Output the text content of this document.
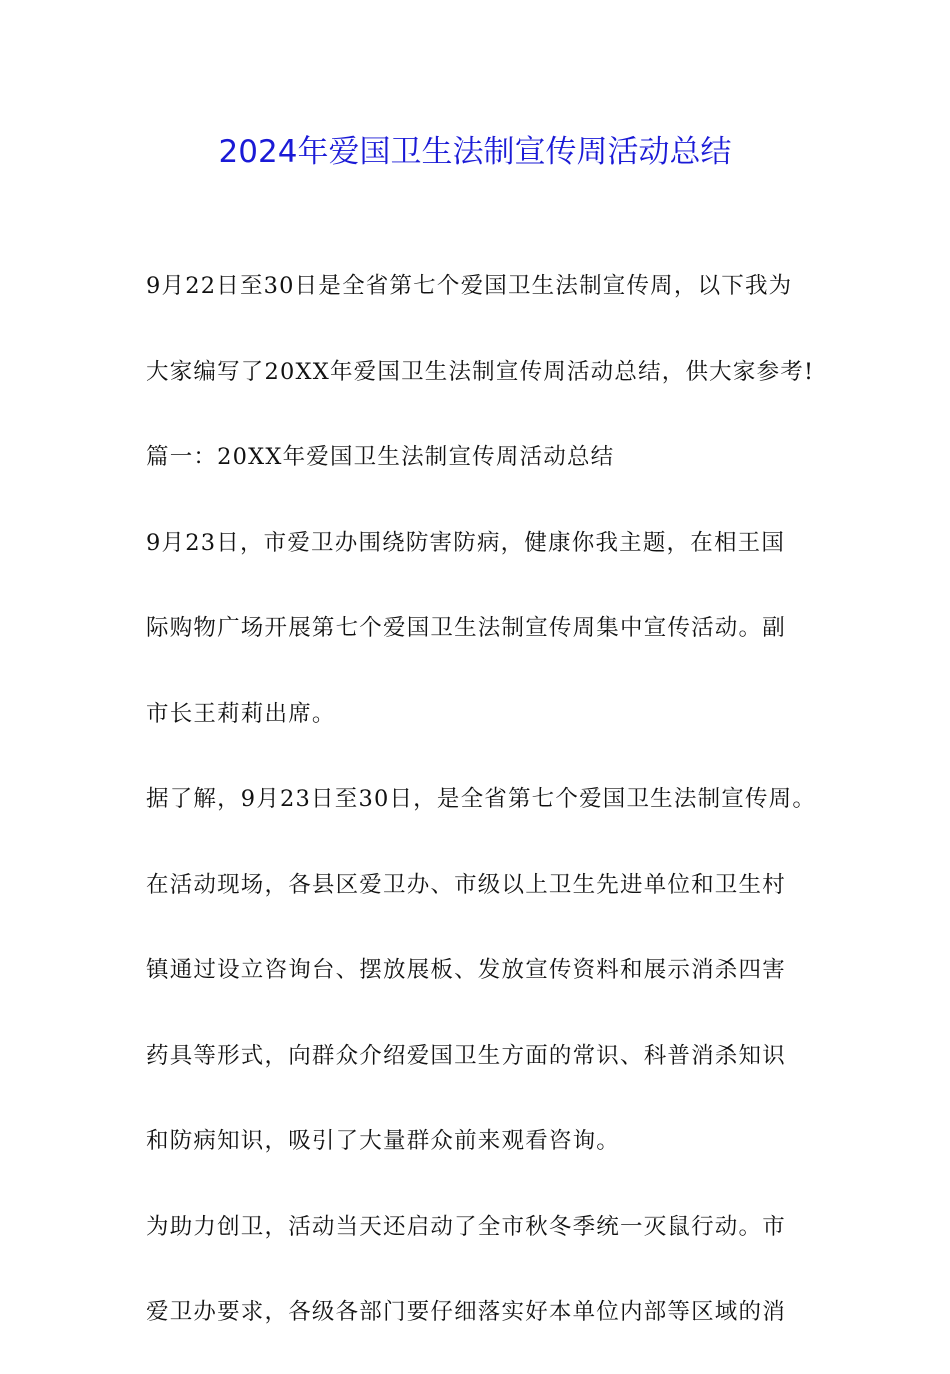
2024年爱国卫生法制宣传周活动总结
9月22日至30日是全省第七个爱国卫生法制宣传周，以下我为
大家编写了20XX年爱国卫生法制宣传周活动总结，供大家参考!
篇一：20XX年爱国卫生法制宣传周活动总结
9月23日，市爱卫办围绕防害防病，健康你我主题，在相王国
际购物广场开展第七个爱国卫生法制宣传周集中宣传活动。副
市长王莉莉出席。
据了解，9月23日至30日，是全省第七个爱国卫生法制宣传周。
在活动现场，各县区爱卫办、市级以上卫生先进单位和卫生村
镇通过设立咨询台、摆放展板、发放宣传资料和展示消杀四害
药具等形式，向群众介绍爱国卫生方面的常识、科普消杀知识
和防病知识，吸引了大量群众前来观看咨询。
为助力创卫，活动当天还启动了全市秋冬季统一灭鼠行动。市
爱卫办要求，各级各部门要仔细落实好本单位内部等区域的消
